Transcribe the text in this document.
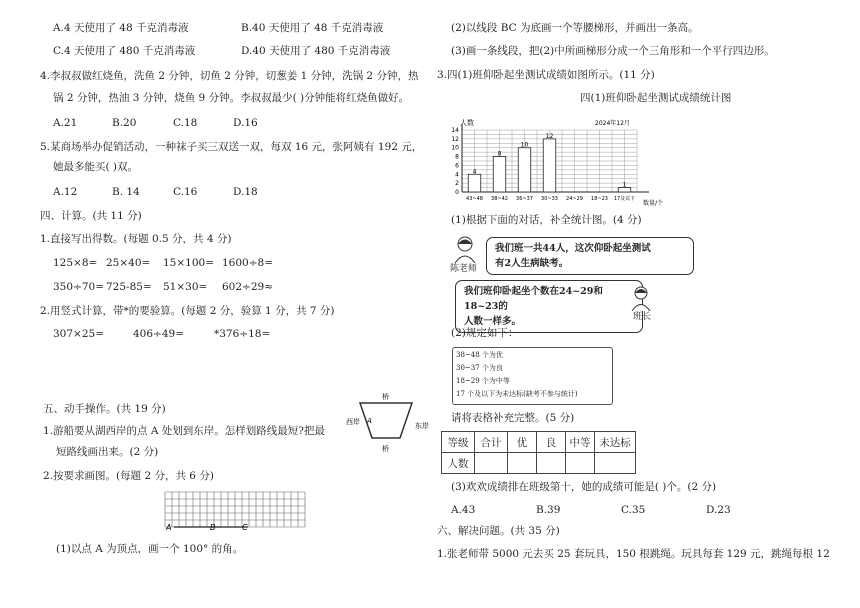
A.4 天使用了 48 千克消毒液	B.40 天使用了 48 千克消毒液
C.4 天使用了 480 千克消毒液	D.40 天使用了 480 千克消毒液
4.李叔叔做红烧鱼，洗鱼 2 分钟，切鱼 2 分钟，切葱姜 1 分钟，洗锅 2 分钟，热
锅 2 分钟，热油 3 分钟，烧鱼 9 分钟。李叔叔最少( )分钟能将红烧鱼做好。
A.21	B.20	C.18	D.16
5.某商场举办促销活动，一种袜子买三双送一双，每双 16 元，张阿姨有 192 元，
她最多能买( )双。
A.12	B. 14	C.16	D.18
四、计算。(共 11 分)
1.直接写出得数。(每题 0.5 分，共 4 分)
125×8= 25×40= 15×100= 1600÷8=
350÷70= 725-85= 51×30= 602÷29≈
2.用竖式计算，带*的要验算。(每题 2 分，验算 1 分，共 7 分)
307×25=	406÷49=	*376÷18=
五、动手操作。(共 19 分)
1.游船要从湖西岸的点 A 处划到东岸。怎样划路线最短?把最
短路线画出来。(2 分)
2.按要求画图。(每题 2 分，共 6 分)
桥
桥
西岸	东岸
A
A	B	C
(1)以点 A 为顶点，画一个 100° 的角。
(2)以线段 BC 为底画一个等腰梯形，并画出一条高。
(3)画一条线段，把(2)中所画梯形分成一个三角形和一个平行四边形。
3.四(1)班仰卧起坐测试成绩如图所示。(11 分)
四(1)班仰卧起坐测试成绩统计图
4
8
10
12
1
0
2
4
6
8
10
12
14
43~48 38~42 36~37 30~33 24~29 18~23 17及以下
人数	2024年12月
数量/个
(1)根据下面的对话，补全统计图。(4 分)
陈老师
我们班一共44人，这次仰卧起坐测试
有2人生病缺考。
我们班仰卧起坐个数在24~29和18~23的
人数一样多。	班长
(2)规定如下：
38~48 个为优
30~37 个为良
18~29 个为中等
17 个及以下为未达标(缺考不参与统计)
请将表格补充完整。(5 分)
等级	合计	优	良	中等	未达标
人数					
(3)欢欢成绩排在班级第十，她的成绩可能是( )个。(2 分)
A.43	B.39	C.35	D.23
六、解决问题。(共 35 分)
1.张老师带 5000 元去买 25 套玩具，150 根跳绳。玩具每套 129 元，跳绳每根 12
